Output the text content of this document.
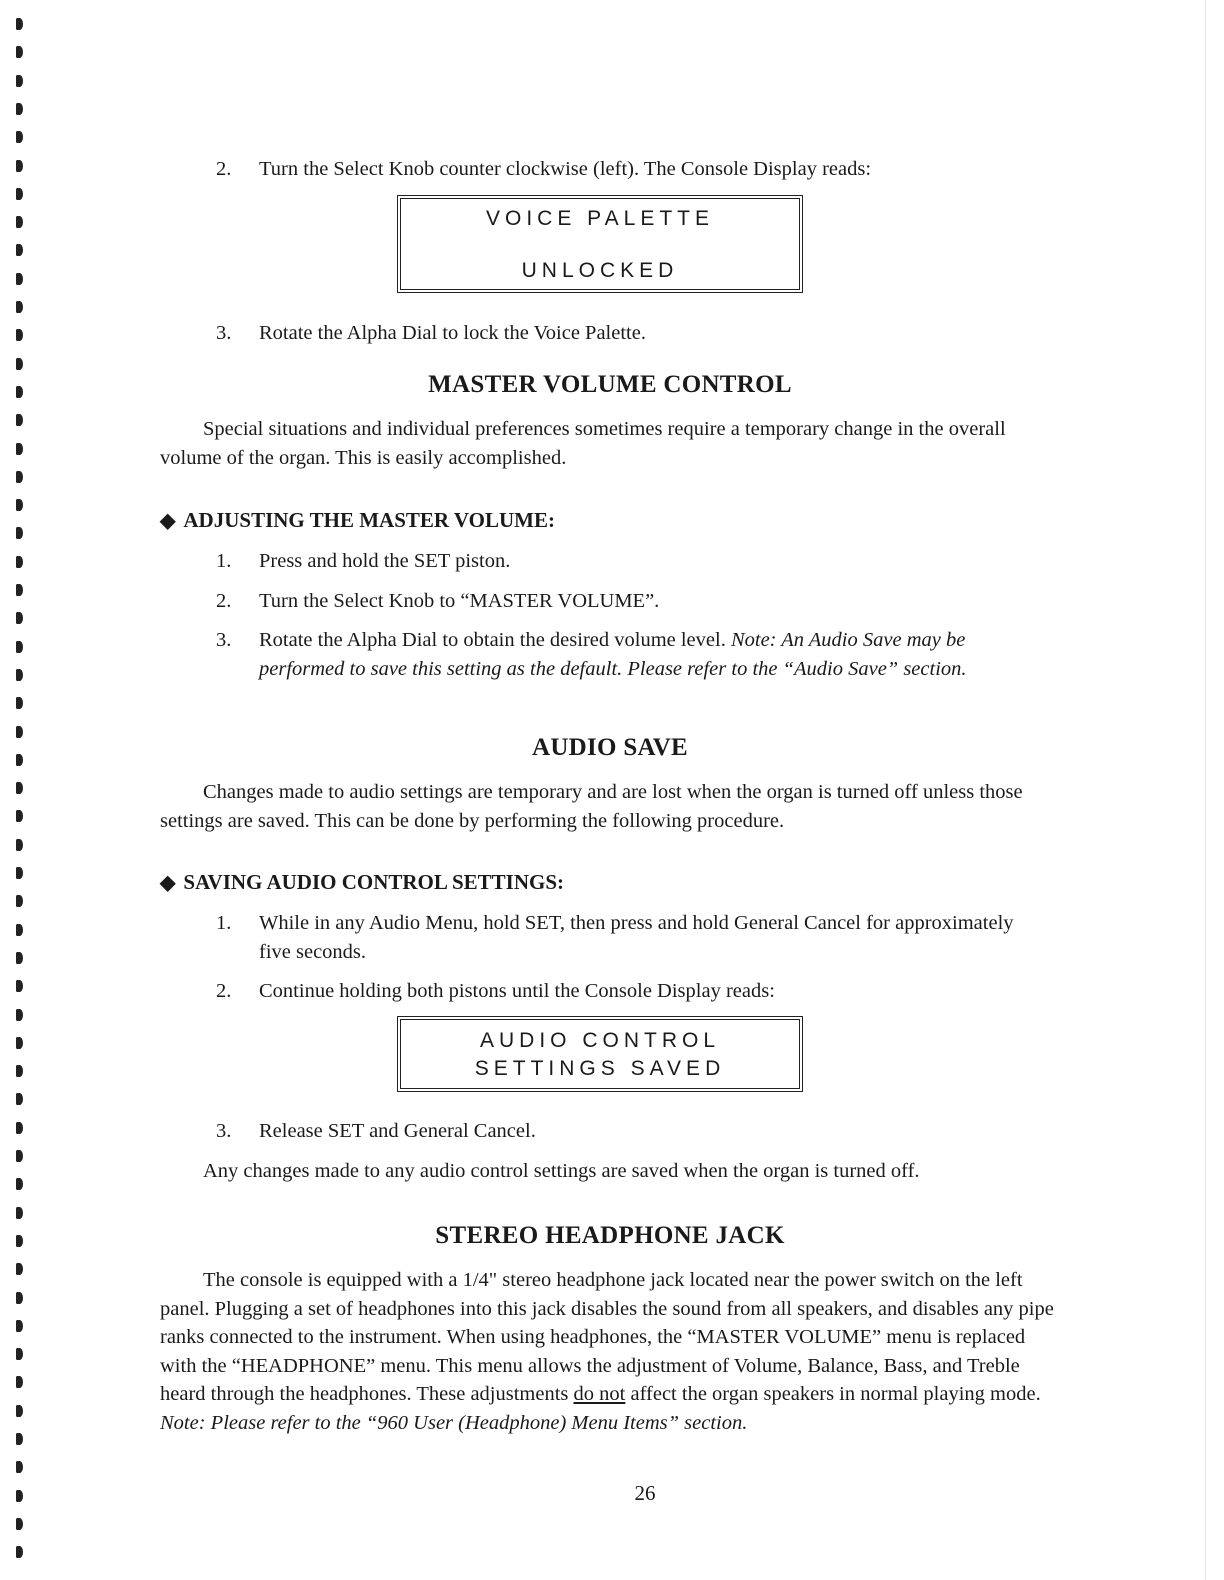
2. Turn the Select Knob counter clockwise (left). The Console Display reads:
VOICE PALETTE
UNLOCKED
3. Rotate the Alpha Dial to lock the Voice Palette.
MASTER VOLUME CONTROL

Special situations and individual preferences sometimes require a temporary change in the overall volume of the organ. This is easily accomplished.

◆ ADJUSTING THE MASTER VOLUME:
1. Press and hold the SET piston.
2. Turn the Select Knob to “MASTER VOLUME”.
3. Rotate the Alpha Dial to obtain the desired volume level. Note: An Audio Save may be performed to save this setting as the default. Please refer to the “Audio Save” section.
AUDIO SAVE

Changes made to audio settings are temporary and are lost when the organ is turned off unless those settings are saved. This can be done by performing the following procedure.

◆ SAVING AUDIO CONTROL SETTINGS:
1. While in any Audio Menu, hold SET, then press and hold General Cancel for approximately five seconds.
2. Continue holding both pistons until the Console Display reads:
AUDIO CONTROL
SETTINGS SAVED
3. Release SET and General Cancel.

Any changes made to any audio control settings are saved when the organ is turned off.

STEREO HEADPHONE JACK

The console is equipped with a 1/4" stereo headphone jack located near the power switch on the left panel. Plugging a set of headphones into this jack disables the sound from all speakers, and disables any pipe ranks connected to the instrument. When using headphones, the “MASTER VOLUME” menu is replaced with the “HEADPHONE” menu. This menu allows the adjustment of Volume, Balance, Bass, and Treble heard through the headphones. These adjustments do not affect the organ speakers in normal playing mode. Note: Please refer to the “960 User (Headphone) Menu Items” section.

26
